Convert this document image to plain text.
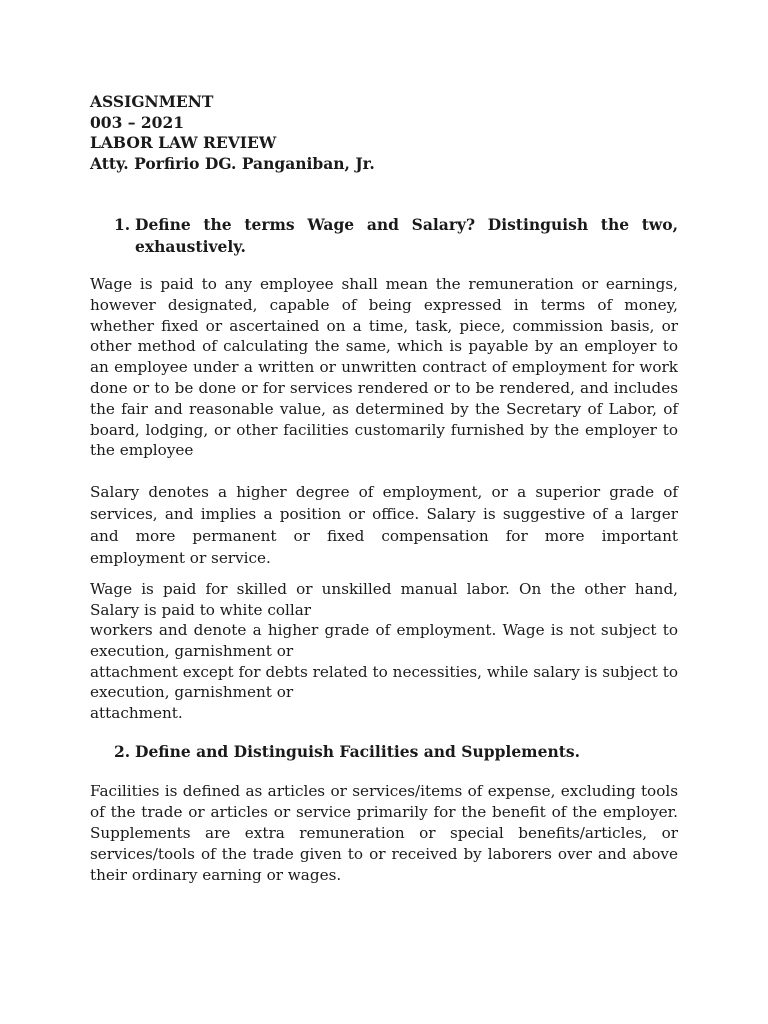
ASSIGNMENT

003 – 2021

LABOR LAW REVIEW

Atty. Porfirio DG. Panganiban, Jr.

1. Define the terms Wage and Salary? Distinguish the two, exhaustively.

Wage is paid to any employee shall mean the remuneration or earnings, however designated, capable of being expressed in terms of money, whether fixed or ascertained on a time, task, piece, commission basis, or other method of calculating the same, which is payable by an employer to an employee under a written or unwritten contract of employment for work done or to be done or for services rendered or to be rendered, and includes the fair and reasonable value, as determined by the Secretary of Labor, of board, lodging, or other facilities customarily furnished by the employer to the employee

Salary denotes a higher degree of employment, or a superior grade of services, and implies a position or office. Salary is suggestive of a larger and more permanent or fixed compensation for more important employment or service.

Wage is paid for skilled or unskilled manual labor. On the other hand,
Salary is paid to white collar
workers and denote a higher grade of employment. Wage is not subject to
execution, garnishment or
attachment except for debts related to necessities, while salary is subject to
execution, garnishment or
attachment.

2. Define and Distinguish Facilities and Supplements.

Facilities is defined as articles or services/items of expense, excluding tools of the trade or articles or service primarily for the benefit of the employer. Supplements are extra remuneration or special benefits/articles, or services/tools of the trade given to or received by laborers over and above their ordinary earning or wages.
